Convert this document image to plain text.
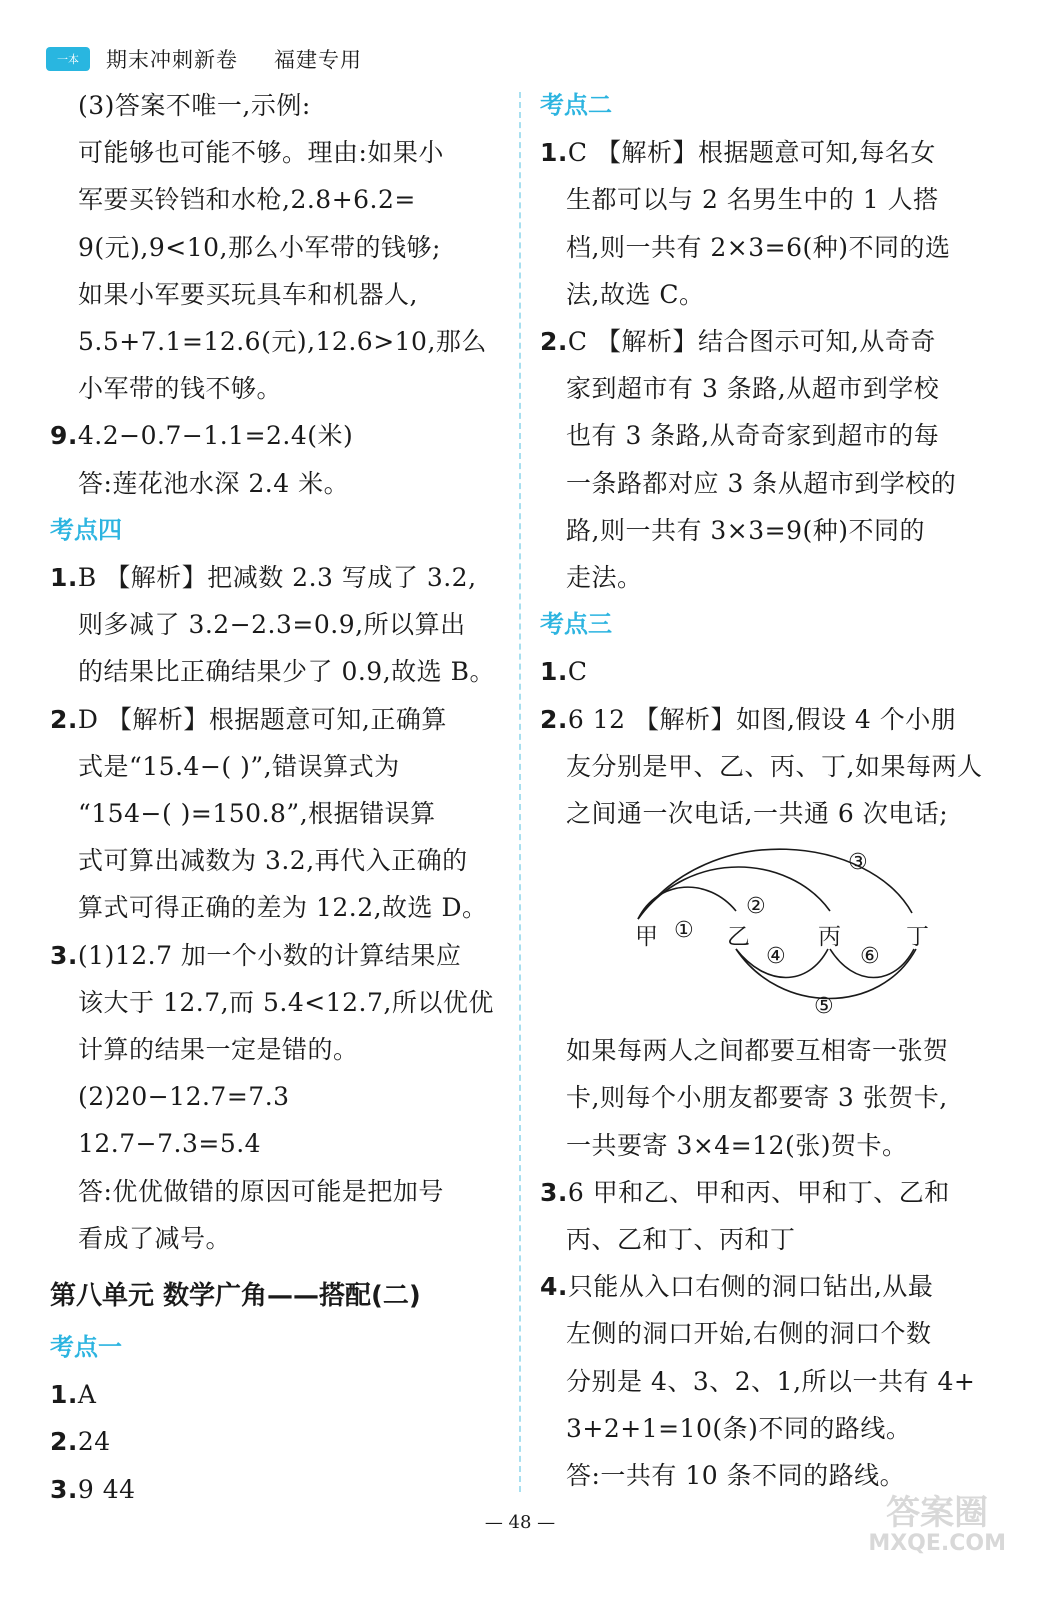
一本	期末冲刺新卷 福建专用
(3)答案不唯一,示例:
可能够也可能不够。理由:如果小
军要买铃铛和水枪,2.8+6.2=
9(元),9<10,那么小军带的钱够;
如果小军要买玩具车和机器人,
5.5+7.1=12.6(元),12.6>10,那么
小军带的钱不够。
9.4.2−0.7−1.1=2.4(米)
答:莲花池水深 2.4 米。
考点四
1.B 【解析】把减数 2.3 写成了 3.2,
则多减了 3.2−2.3=0.9,所以算出
的结果比正确结果少了 0.9,故选 B。
2.D 【解析】根据题意可知,正确算
式是“15.4−( )”,错误算式为
“154−( )=150.8”,根据错误算
式可算出减数为 3.2,再代入正确的
算式可得正确的差为 12.2,故选 D。
3.(1)12.7 加一个小数的计算结果应
该大于 12.7,而 5.4<12.7,所以优优
计算的结果一定是错的。
(2)20−12.7=7.3
12.7−7.3=5.4
答:优优做错的原因可能是把加号
看成了减号。
第八单元 数学广角——搭配(二)
考点一
1.A
2.24
3.9 44
考点二
1.C 【解析】根据题意可知,每名女
生都可以与 2 名男生中的 1 人搭
档,则一共有 2×3=6(种)不同的选
法,故选 C。
2.C 【解析】结合图示可知,从奇奇
家到超市有 3 条路,从超市到学校
也有 3 条路,从奇奇家到超市的每
一条路都对应 3 条从超市到学校的
路,则一共有 3×3=9(种)不同的
走法。
考点三
1.C
2.6 12 【解析】如图,假设 4 个小朋
友分别是甲、乙、丙、丁,如果每两人
之间通一次电话,一共通 6 次电话;
甲	乙	丙	丁
①
②
③
④
⑤
⑥
如果每两人之间都要互相寄一张贺
卡,则每个小朋友都要寄 3 张贺卡,
一共要寄 3×4=12(张)贺卡。
3.6 甲和乙、甲和丙、甲和丁、乙和
丙、乙和丁、丙和丁
4.只能从入口右侧的洞口钻出,从最
左侧的洞口开始,右侧的洞口个数
分别是 4、3、2、1,所以一共有 4+
3+2+1=10(条)不同的路线。
答:一共有 10 条不同的路线。
— 48 —	答案圈
MXQE.COM
